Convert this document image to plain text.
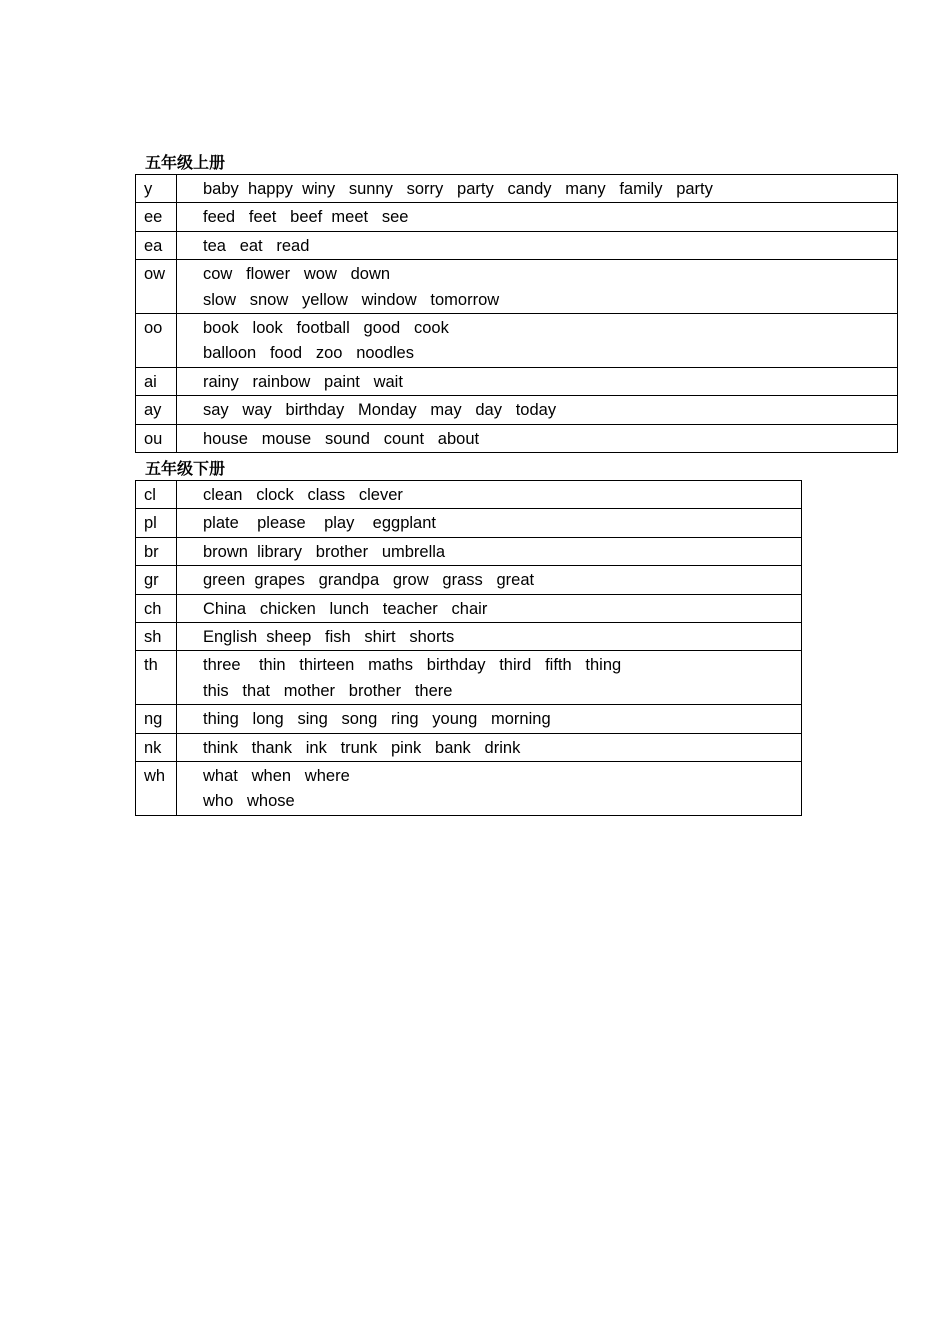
五年级上册
y	baby  happy  winy   sunny   sorry   party   candy   many   family   party

ee	feed   feet   beef  meet   see

ea	tea   eat   read

ow	cow   flower   wow   down
slow   snow   yellow   window   tomorrow

oo	book   look   football   good   cook
balloon   food   zoo   noodles

ai	rainy   rainbow   paint   wait

ay	say   way   birthday   Monday   may   day   today

ou	house   mouse   sound   count   about
五年级下册
cl	clean   clock   class   clever

pl	plate    please    play    eggplant

br	brown  library   brother   umbrella

gr	green  grapes   grandpa   grow   grass   great

ch	China   chicken   lunch   teacher   chair

sh	English  sheep   fish   shirt   shorts

th	three    thin   thirteen   maths   birthday   third   fifth   thing
this   that   mother   brother   there

ng	thing   long   sing   song   ring   young   morning

nk	think   thank   ink   trunk   pink   bank   drink

wh	what   when   where
who   whose
